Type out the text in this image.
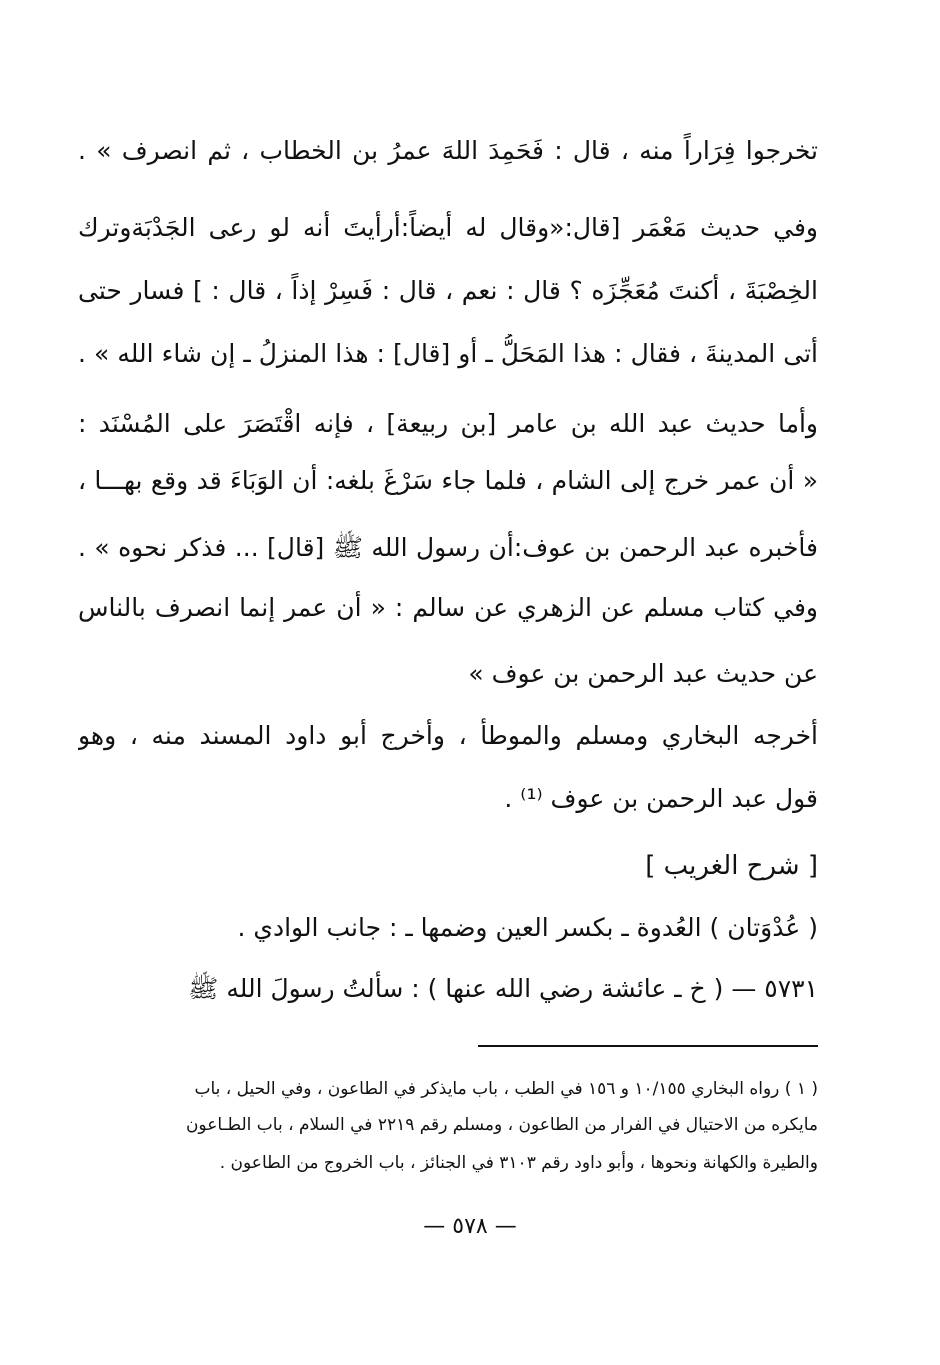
تخرجوا فِرَاراً منه ، قال : فَحَمِدَ اللهَ عمرُ بن الخطاب ، ثم انصرف » .
وفي حديث مَعْمَر [قال:«وقال له أيضاً:أرأيتَ أنه لو رعى الجَدْبَةوترك
الخِصْبَةَ ، أكنتَ مُعَجِّزَه ؟ قال : نعم ، قال : فَسِرْ إذاً ، قال : ] فسار حتى
أتى المدينةَ ، فقال : هذا المَحَلُّ ـ أو [قال] : هذا المنزلُ ـ إن شاء الله » .
وأما حديث عبد الله بن عامر [بن ربيعة] ، فإنه اقْتَصَرَ على المُسْنَد :
« أن عمر خرج إلى الشام ، فلما جاء سَرْغَ بلغه: أن الوَبَاءَ قد وقع بهـــا ،
فأخبره عبد الرحمن بن عوف:أن رسول الله ﷺ [قال] ... فذكر نحوه » .
وفي كتاب مسلم عن الزهري عن سالم : « أن عمر إنما انصرف بالناس
عن حديث عبد الرحمن بن عوف »
أخرجه البخاري ومسلم والموطأ ، وأخرج أبو داود المسند منه ، وهو
قول عبد الرحمن بن عوف ⁽¹⁾ .
[ شرح الغريب ]
( عُدْوَتان ) العُدوة ـ بكسر العين وضمها ـ : جانب الوادي .
٥٧٣١ — ( خ ـ عائشة رضي الله عنها ) : سألتُ رسولَ الله ﷺ
( ١ ) رواه البخاري ١٠/١٥٥ و ١٥٦ في الطب ، باب مايذكر في الطاعون ، وفي الحيل ، باب
مايكره من الاحتيال في الفرار من الطاعون ، ومسلم رقم ٢٢١٩ في السلام ، باب الطـاعون
والطيرة والكهانة ونحوها ، وأبو داود رقم ٣١٠٣ في الجنائز ، باب الخروج من الطاعون .
— ٥٧٨ —
